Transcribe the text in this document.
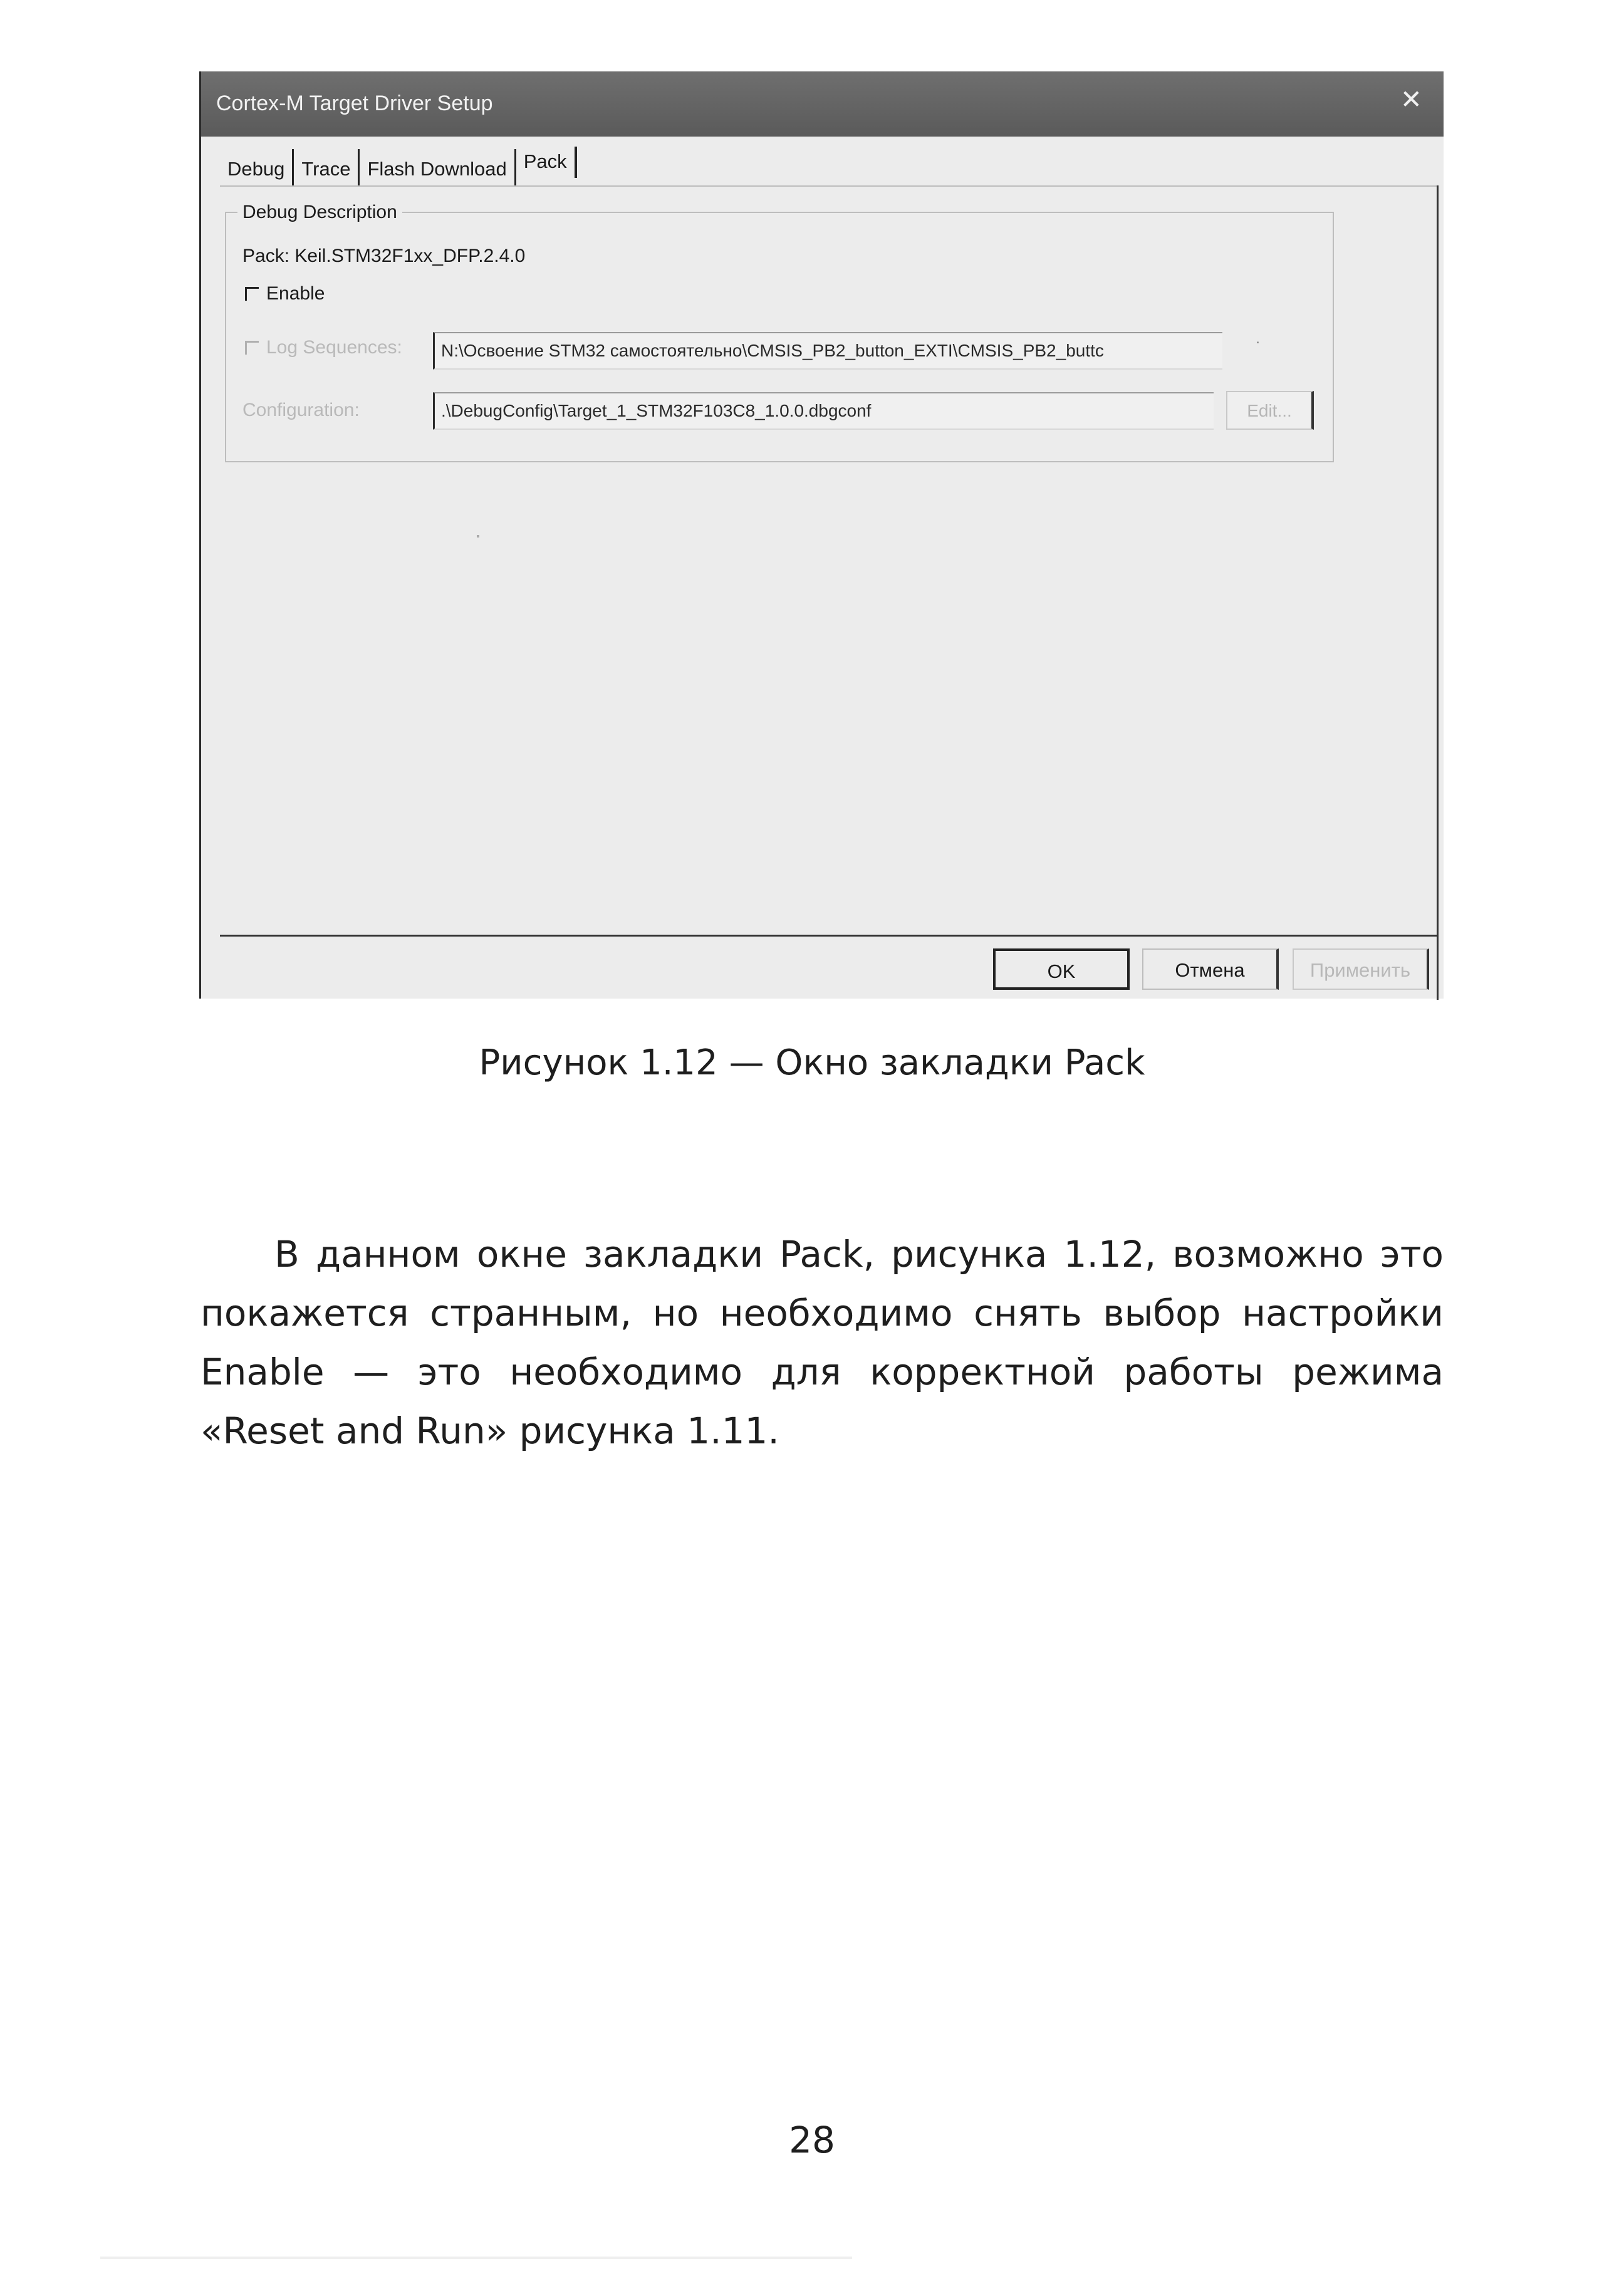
Cortex-M Target Driver Setup	✕
Debug Trace Flash Download Pack
Debug Description
Pack: Keil.STM32F1xx_DFP.2.4.0
Enable
Log Sequences:	N:\Освоение STM32 самостоятельно\CMSIS_PB2_button_EXTI\CMSIS_PB2_buttc	˙
Configuration:	.\DebugConfig\Target_1_STM32F103C8_1.0.0.dbgconf	Edit...
OK	Отмена	Применить
Рисунок 1.12 — Окно закладки Pack

В данном окне закладки Pack, рисунка 1.12, возможно это покажется странным, но необходимо снять выбор настройки Enable — это необходимо для корректной работы режима «Reset and Run» рисунка 1.11.

28
